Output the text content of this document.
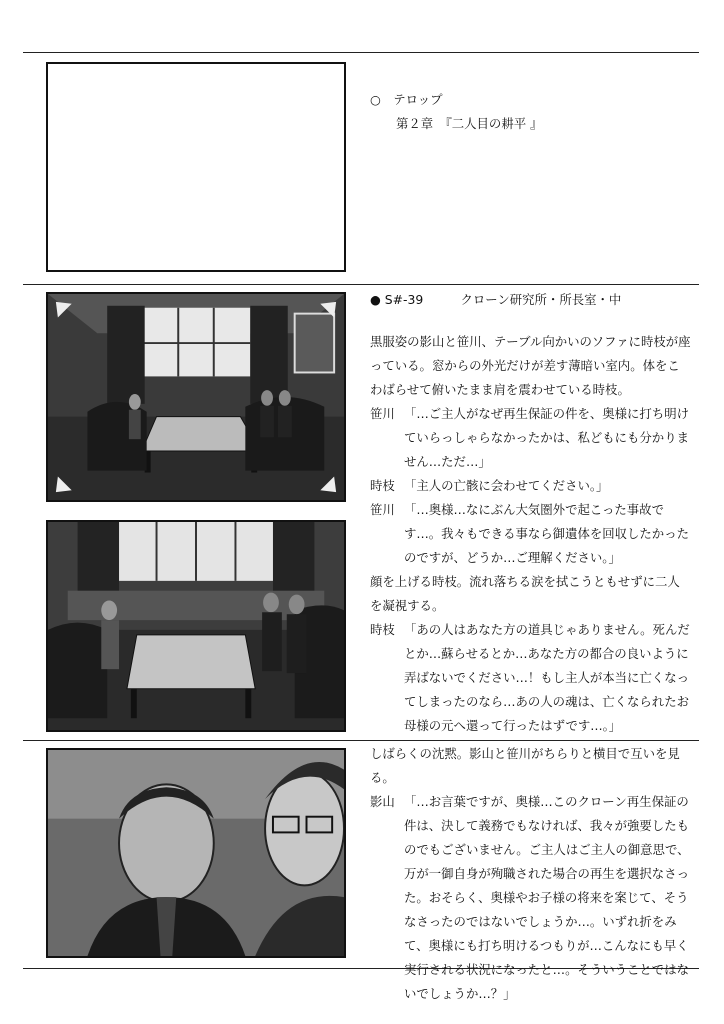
○　 テロップ

第２章　『二人目の耕平 』

● S#-39　　　	クローン研究所・所長室・中

黒服姿の影山と笹川、テーブル向かいのソファに時枝が座っている。窓からの外光だけが差す薄暗い室内。体をこわばらせて俯いたまま肩を震わせている時枝。

笹川 「…ご主人がなぜ再生保証の件を、奥様に打ち明けていらっしゃらなかったかは、私どもにも分かりません…ただ…」
時枝 「主人の亡骸に会わせてください。」
笹川 「…奥様…なにぶん大気圏外で起こった事故です…。我々もできる事なら御遺体を回収したかったのですが、どうか…ご理解ください。」

顔を上げる時枝。流れ落ちる涙を拭こうともせずに二人を凝視する。

時枝 「あの人はあなた方の道具じゃありません。死んだとか…蘇らせるとか…あなた方の都合の良いように弄ばないでください…！もし主人が本当に亡くなってしまったのなら…あの人の魂は、亡くなられたお母様の元へ還って行ったはずです…。」

しばらくの沈黙。影山と笹川がちらりと横目で互いを見る。

影山 「…お言葉ですが、奥様…このクローン再生保証の件は、決して義務でもなければ、我々が強要したものでもございません。ご主人はご主人の御意思で、万が一御自身が殉職された場合の再生を選択なさった。おそらく、奥様やお子様の将来を案じて、そうなさったのではないでしょうか…。いずれ折をみて、奥様にも打ち明けるつもりが…こんなにも早く実行される状況になったと…。そういうことではないでしょうか…？」
